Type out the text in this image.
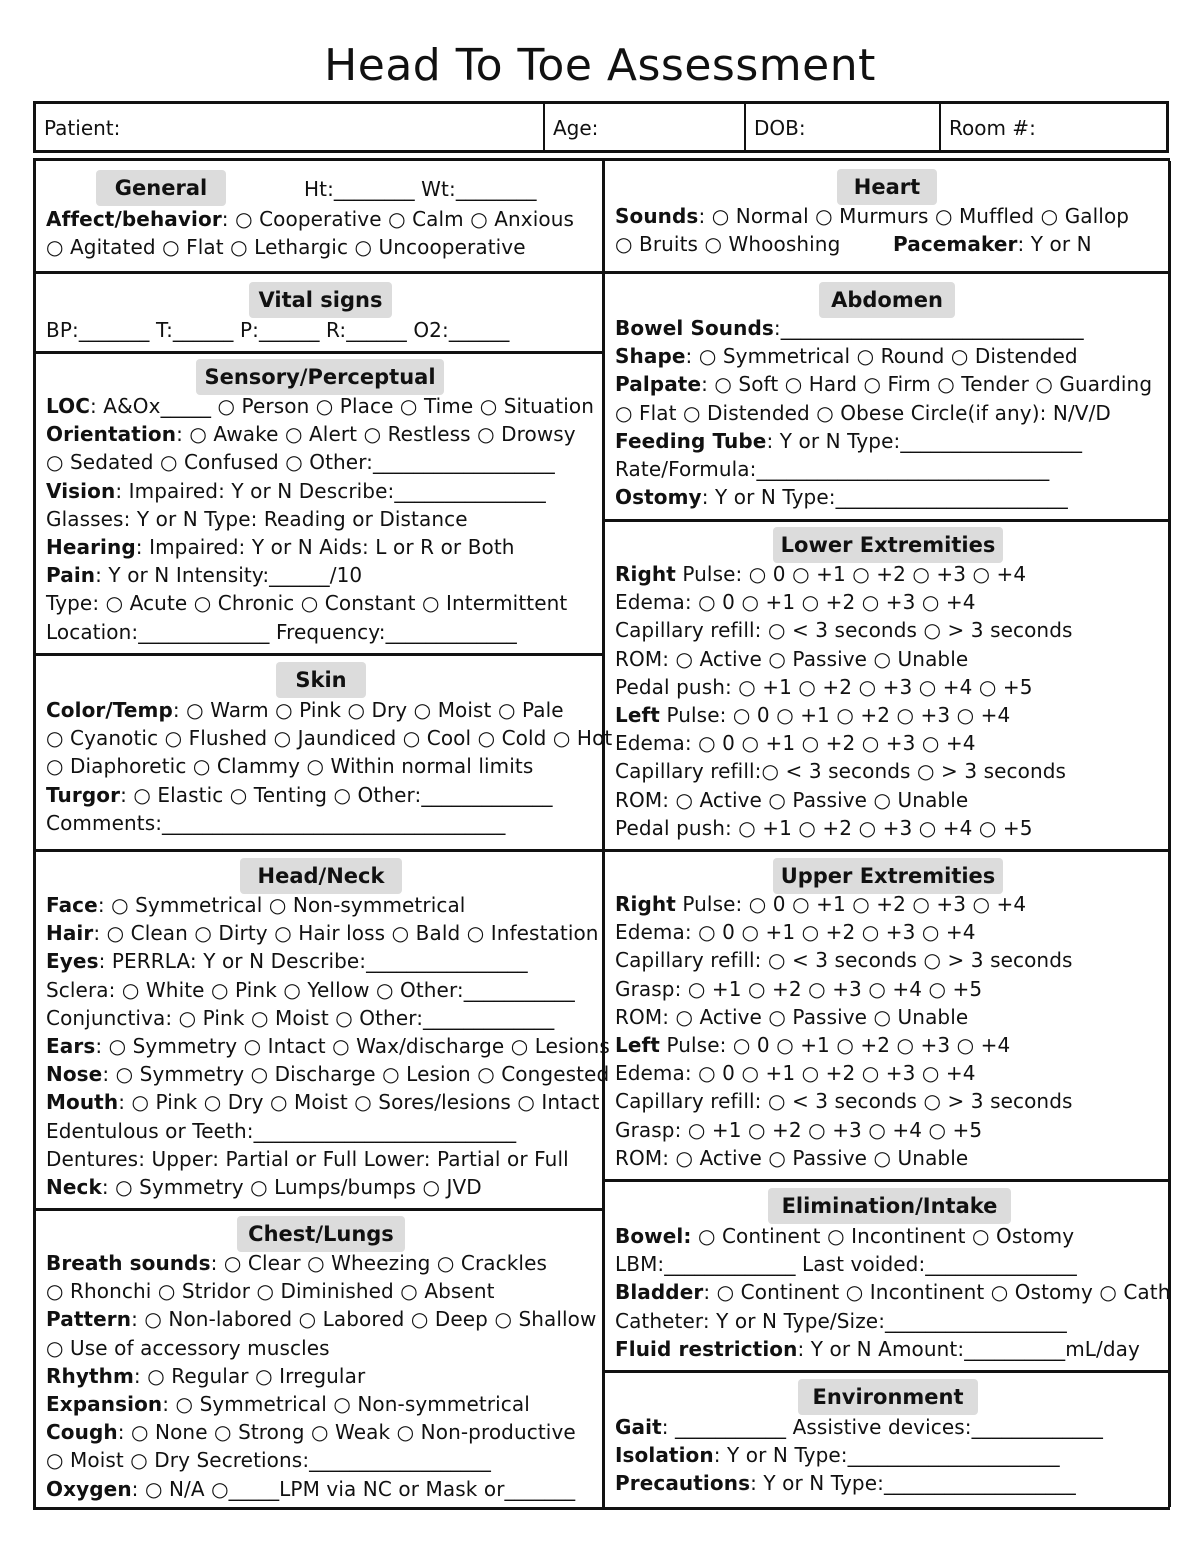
Head To Toe Assessment
Patient:	Age:	DOB:	Room #:
General	Ht:________ Wt:________
Affect/behavior: ○ Cooperative ○ Calm ○ Anxious
○ Agitated ○ Flat ○ Lethargic ○ Uncooperative
Vital signs
BP:_______ T:______ P:______ R:______ O2:______
Sensory/Perceptual
LOC: A&Ox_____ ○ Person ○ Place ○ Time ○ Situation
Orientation: ○ Awake ○ Alert ○ Restless ○ Drowsy
○ Sedated ○ Confused ○ Other:__________________
Vision: Impaired: Y or N Describe:_______________
Glasses: Y or N Type: Reading or Distance
Hearing: Impaired: Y or N Aids: L or R or Both
Pain: Y or N Intensity:______/10
Type: ○ Acute ○ Chronic ○ Constant ○ Intermittent
Location:_____________ Frequency:_____________
Skin
Color/Temp: ○ Warm ○ Pink ○ Dry ○ Moist ○ Pale
○ Cyanotic ○ Flushed ○ Jaundiced ○ Cool ○ Cold ○ Hot
○ Diaphoretic ○ Clammy ○ Within normal limits
Turgor: ○ Elastic ○ Tenting ○ Other:_____________
Comments:__________________________________
Head/Neck
Face: ○ Symmetrical ○ Non-symmetrical
Hair: ○ Clean ○ Dirty ○ Hair loss ○ Bald ○ Infestation
Eyes: PERRLA: Y or N Describe:________________
Sclera: ○ White ○ Pink ○ Yellow ○ Other:___________
Conjunctiva: ○ Pink ○ Moist ○ Other:_____________
Ears: ○ Symmetry ○ Intact ○ Wax/discharge ○ Lesions
Nose: ○ Symmetry ○ Discharge ○ Lesion ○ Congested
Mouth: ○ Pink ○ Dry ○ Moist ○ Sores/lesions ○ Intact
Edentulous or Teeth:__________________________
Dentures: Upper: Partial or Full Lower: Partial or Full
Neck: ○ Symmetry ○ Lumps/bumps ○ JVD
Chest/Lungs
Breath sounds: ○ Clear ○ Wheezing ○ Crackles
○ Rhonchi ○ Stridor ○ Diminished ○ Absent
Pattern: ○ Non-labored ○ Labored ○ Deep ○ Shallow
○ Use of accessory muscles
Rhythm: ○ Regular ○ Irregular
Expansion: ○ Symmetrical ○ Non-symmetrical
Cough: ○ None ○ Strong ○ Weak ○ Non-productive
○ Moist ○ Dry Secretions:__________________
Oxygen: ○ N/A ○_____LPM via NC or Mask or_______
Heart
Pacemaker: Y or N
Sounds: ○ Normal ○ Murmurs ○ Muffled ○ Gallop
○ Bruits ○ Whooshing
Abdomen
Bowel Sounds:______________________________
Shape: ○ Symmetrical ○ Round ○ Distended
Palpate: ○ Soft ○ Hard ○ Firm ○ Tender ○ Guarding
○ Flat ○ Distended ○ Obese Circle(if any): N/V/D
Feeding Tube: Y or N Type:__________________
Rate/Formula:_____________________________
Ostomy: Y or N Type:_______________________
Lower Extremities
Right Pulse: ○ 0 ○ +1 ○ +2 ○ +3 ○ +4
Edema: ○ 0 ○ +1 ○ +2 ○ +3 ○ +4
Capillary refill: ○ < 3 seconds ○ > 3 seconds
ROM: ○ Active ○ Passive ○ Unable
Pedal push: ○ +1 ○ +2 ○ +3 ○ +4 ○ +5
Left Pulse: ○ 0 ○ +1 ○ +2 ○ +3 ○ +4
Edema: ○ 0 ○ +1 ○ +2 ○ +3 ○ +4
Capillary refill:○ < 3 seconds ○ > 3 seconds
ROM: ○ Active ○ Passive ○ Unable
Pedal push: ○ +1 ○ +2 ○ +3 ○ +4 ○ +5
Upper Extremities
Right Pulse: ○ 0 ○ +1 ○ +2 ○ +3 ○ +4
Edema: ○ 0 ○ +1 ○ +2 ○ +3 ○ +4
Capillary refill: ○ < 3 seconds ○ > 3 seconds
Grasp: ○ +1 ○ +2 ○ +3 ○ +4 ○ +5
ROM: ○ Active ○ Passive ○ Unable
Left Pulse: ○ 0 ○ +1 ○ +2 ○ +3 ○ +4
Edema: ○ 0 ○ +1 ○ +2 ○ +3 ○ +4
Capillary refill: ○ < 3 seconds ○ > 3 seconds
Grasp: ○ +1 ○ +2 ○ +3 ○ +4 ○ +5
ROM: ○ Active ○ Passive ○ Unable
Elimination/Intake
Bowel: ○ Continent ○ Incontinent ○ Ostomy
LBM:_____________ Last voided:_______________
Bladder: ○ Continent ○ Incontinent ○ Ostomy ○ Cath
Catheter: Y or N Type/Size:__________________
Fluid restriction: Y or N Amount:__________mL/day
Environment
Gait: ___________ Assistive devices:_____________
Isolation: Y or N Type:_____________________
Precautions: Y or N Type:___________________
